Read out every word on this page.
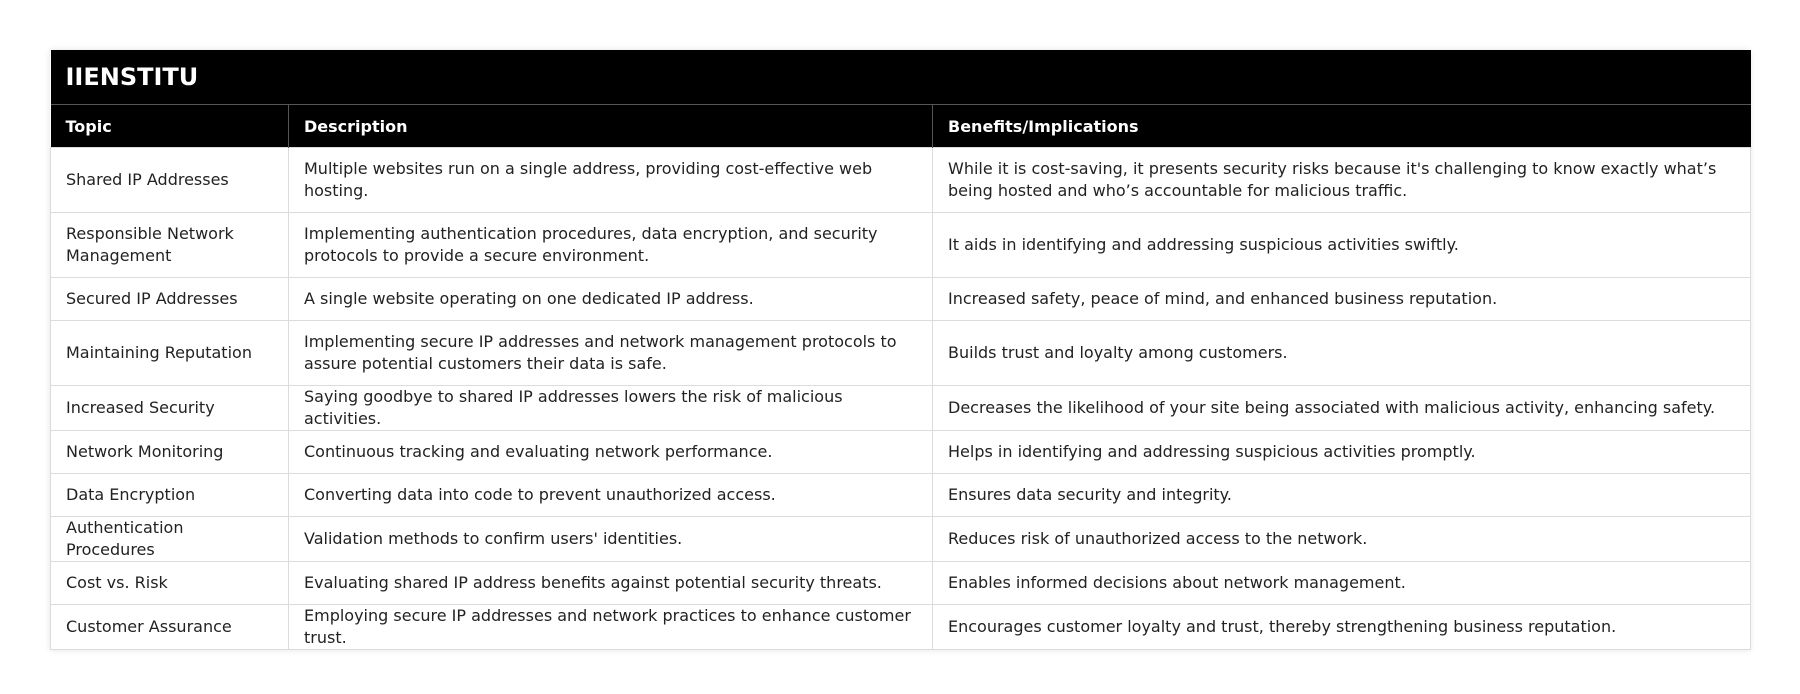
IIENSTITU		
Topic	Description	Benefits/Implications
Shared IP Addresses	Multiple websites run on a single address, providing cost-effective web hosting.	While it is cost-saving, it presents security risks because it's challenging to know exactly what’s being hosted and who’s accountable for malicious traffic.
Responsible Network Management	Implementing authentication procedures, data encryption, and security protocols to provide a secure environment.	It aids in identifying and addressing suspicious activities swiftly.
Secured IP Addresses	A single website operating on one dedicated IP address.	Increased safety, peace of mind, and enhanced business reputation.
Maintaining Reputation	Implementing secure IP addresses and network management protocols to assure potential customers their data is safe.	Builds trust and loyalty among customers.
Increased Security	Saying goodbye to shared IP addresses lowers the risk of malicious activities.	Decreases the likelihood of your site being associated with malicious activity, enhancing safety.
Network Monitoring	Continuous tracking and evaluating network performance.	Helps in identifying and addressing suspicious activities promptly.
Data Encryption	Converting data into code to prevent unauthorized access.	Ensures data security and integrity.
Authentication Procedures	Validation methods to confirm users' identities.	Reduces risk of unauthorized access to the network.
Cost vs. Risk	Evaluating shared IP address benefits against potential security threats.	Enables informed decisions about network management.
Customer Assurance	Employing secure IP addresses and network practices to enhance customer trust.	Encourages customer loyalty and trust, thereby strengthening business reputation.
